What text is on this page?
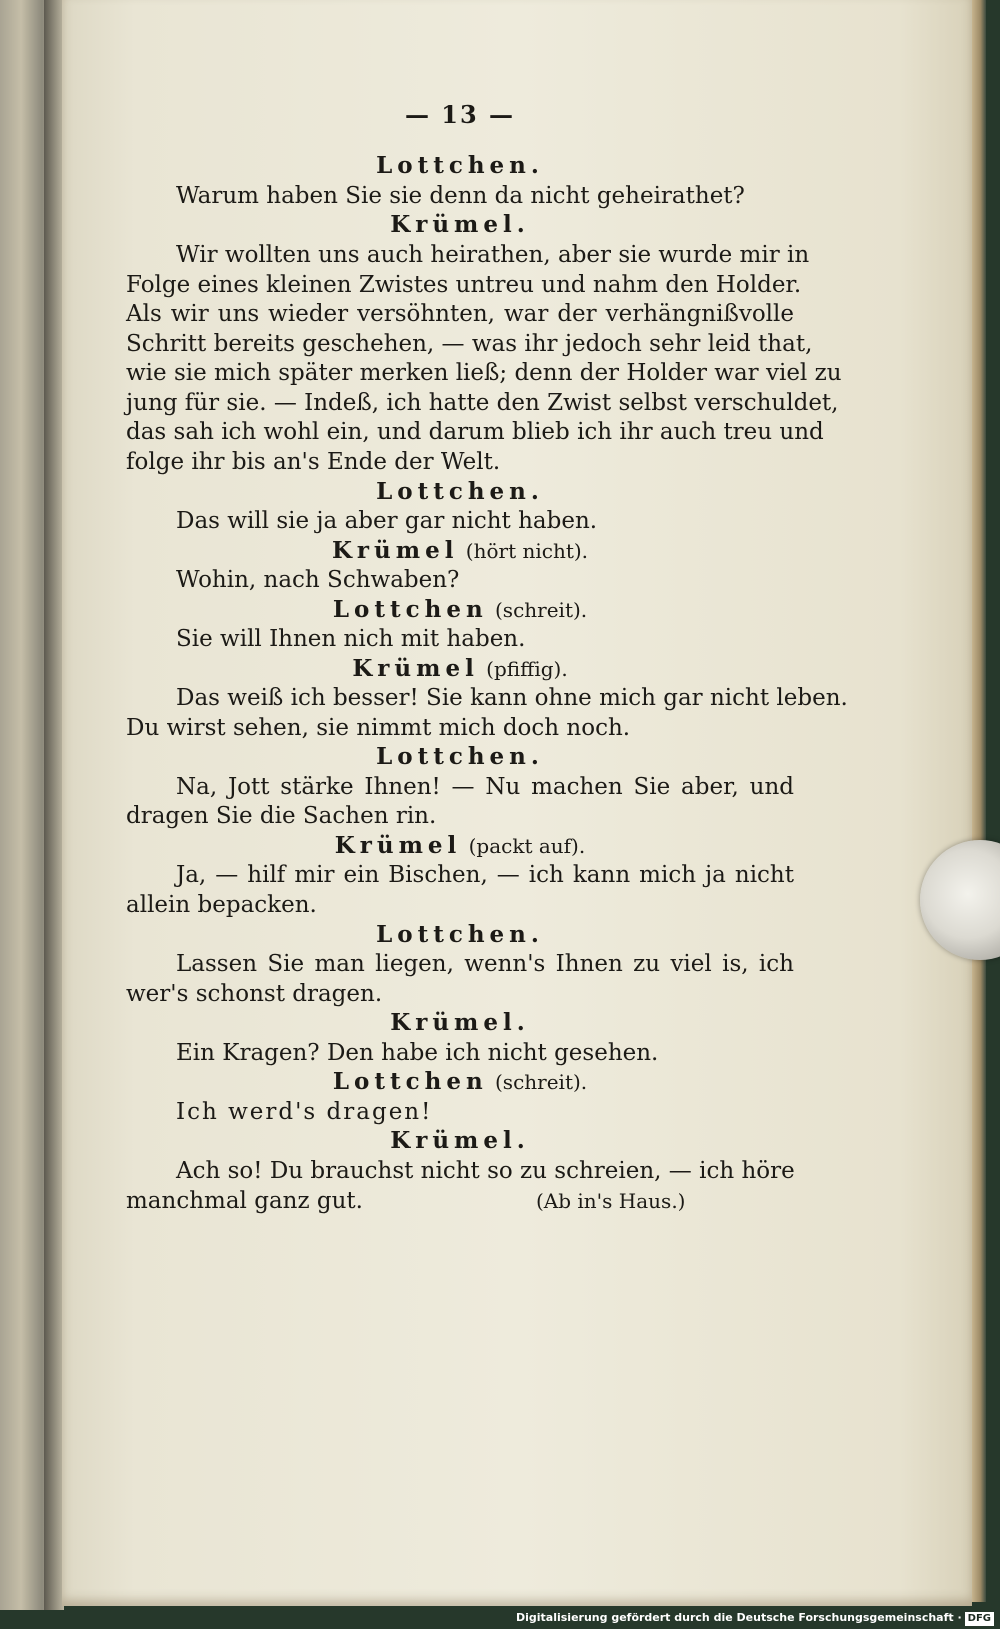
— 13 —
Lottchen.
Warum haben Sie sie denn da nicht geheirathet?
Krümel.
Wir wollten uns auch heirathen, aber sie wurde mir in
Folge eines kleinen Zwistes untreu und nahm den Holder.
Als wir uns wieder versöhnten, war der verhängnißvolle
Schritt bereits geschehen, — was ihr jedoch sehr leid that,
wie sie mich später merken ließ; denn der Holder war viel zu
jung für sie. — Indeß, ich hatte den Zwist selbst verschuldet,
das sah ich wohl ein, und darum blieb ich ihr auch treu und
folge ihr bis an's Ende der Welt.
Lottchen.
Das will sie ja aber gar nicht haben.
Krümel (hört nicht).
Wohin, nach Schwaben?
Lottchen (schreit).
Sie will Ihnen nich mit haben.
Krümel (pfiffig).
Das weiß ich besser! Sie kann ohne mich gar nicht leben.
Du wirst sehen, sie nimmt mich doch noch.
Lottchen.
Na, Jott stärke Ihnen! — Nu machen Sie aber, und
dragen Sie die Sachen rin.
Krümel (packt auf).
Ja, — hilf mir ein Bischen, — ich kann mich ja nicht
allein bepacken.
Lottchen.
Lassen Sie man liegen, wenn's Ihnen zu viel is, ich
wer's schonst dragen.
Krümel.
Ein Kragen? Den habe ich nicht gesehen.
Lottchen (schreit).
Ich werd's dragen!
Krümel.
Ach so! Du brauchst nicht so zu schreien, — ich höre
manchmal ganz gut.	(Ab in's Haus.)
Digitalisierung gefördert durch die Deutsche Forschungsgemeinschaft · DFG
